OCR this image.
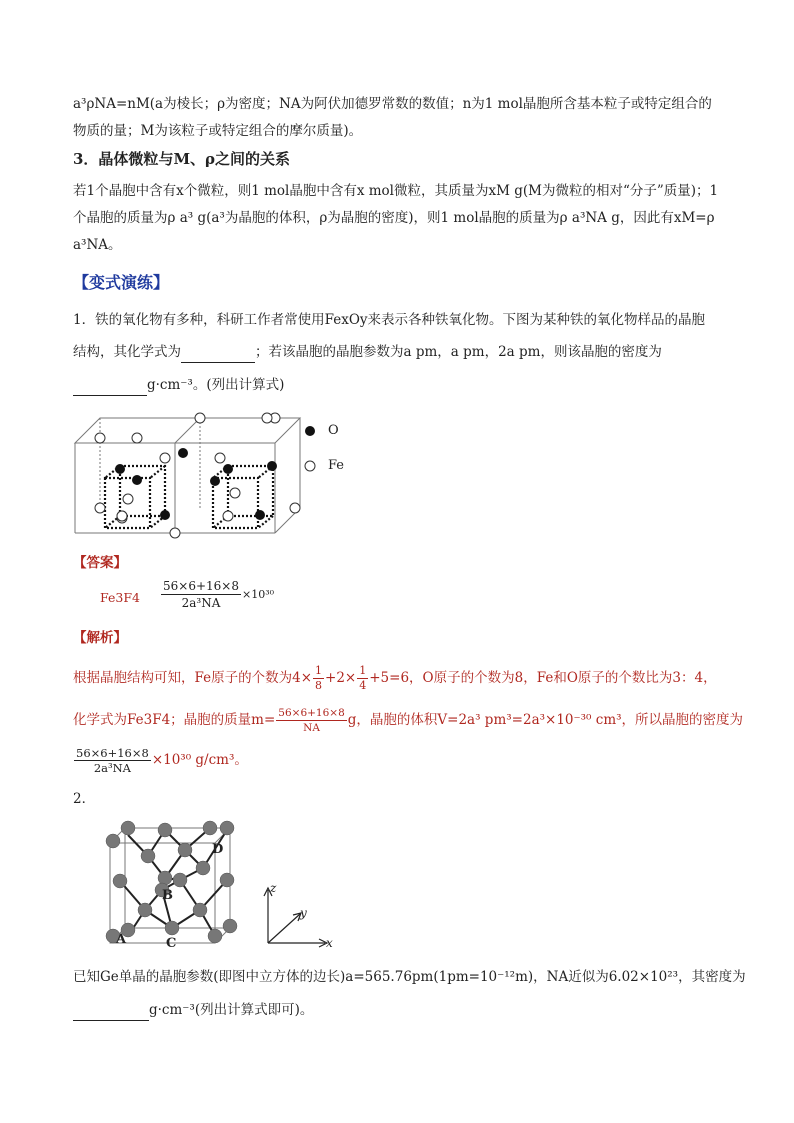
a³ρNA=nM(a为棱长；ρ为密度；NA为阿伏加德罗常数的数值；n为1 mol晶胞所含基本粒子或特定组合的
物质的量；M为该粒子或特定组合的摩尔质量)。
3．晶体微粒与M、ρ之间的关系
若1个晶胞中含有x个微粒，则1 mol晶胞中含有x mol微粒，其质量为xM g(M为微粒的相对“分子”质量)；1
个晶胞的质量为ρ a³ g(a³为晶胞的体积，ρ为晶胞的密度)，则1 mol晶胞的质量为ρ a³NA g，因此有xM=ρ
a³NA。
【变式演练】
1．铁的氧化物有多种，科研工作者常使用FexOy来表示各种铁氧化物。下图为某种铁的氧化物样品的晶胞
结构，其化学式为	；若该晶胞的晶胞参数为a pm，a pm，2a pm，则该晶胞的密度为
g·cm⁻³。(列出计算式)
O
Fe
【答案】
$Fe3F4 \frac{56\times 6+16\times 8}{\text{2a³NA}} \times 10^{30}$
【解析】
根据晶胞结构可知，Fe原子的个数为$4\times \frac{1}{8} +2\times \frac{1}{4} +5=6$，O原子的个数为8，Fe和O原子的个数比为3：4，
化学式为Fe3F4；晶胞的质量$m= \frac{56\times 6+16\times 8}{NA}$ g，晶胞的体积V=2a³ pm³=2a³×10⁻³⁰ cm³，所以晶胞的密度为
$\frac{56\times 6+16\times 8}{\text{2a³NA}} \times 10^{30}$ g/cm³。
2．
A
B
C
D
z
y
x
已知Ge单晶的晶胞参数(即图中立方体的边长)a=565.76pm(1pm=10⁻¹²m)，NA近似为6.02×10²³，其密度为
g·cm⁻³(列出计算式即可)。
